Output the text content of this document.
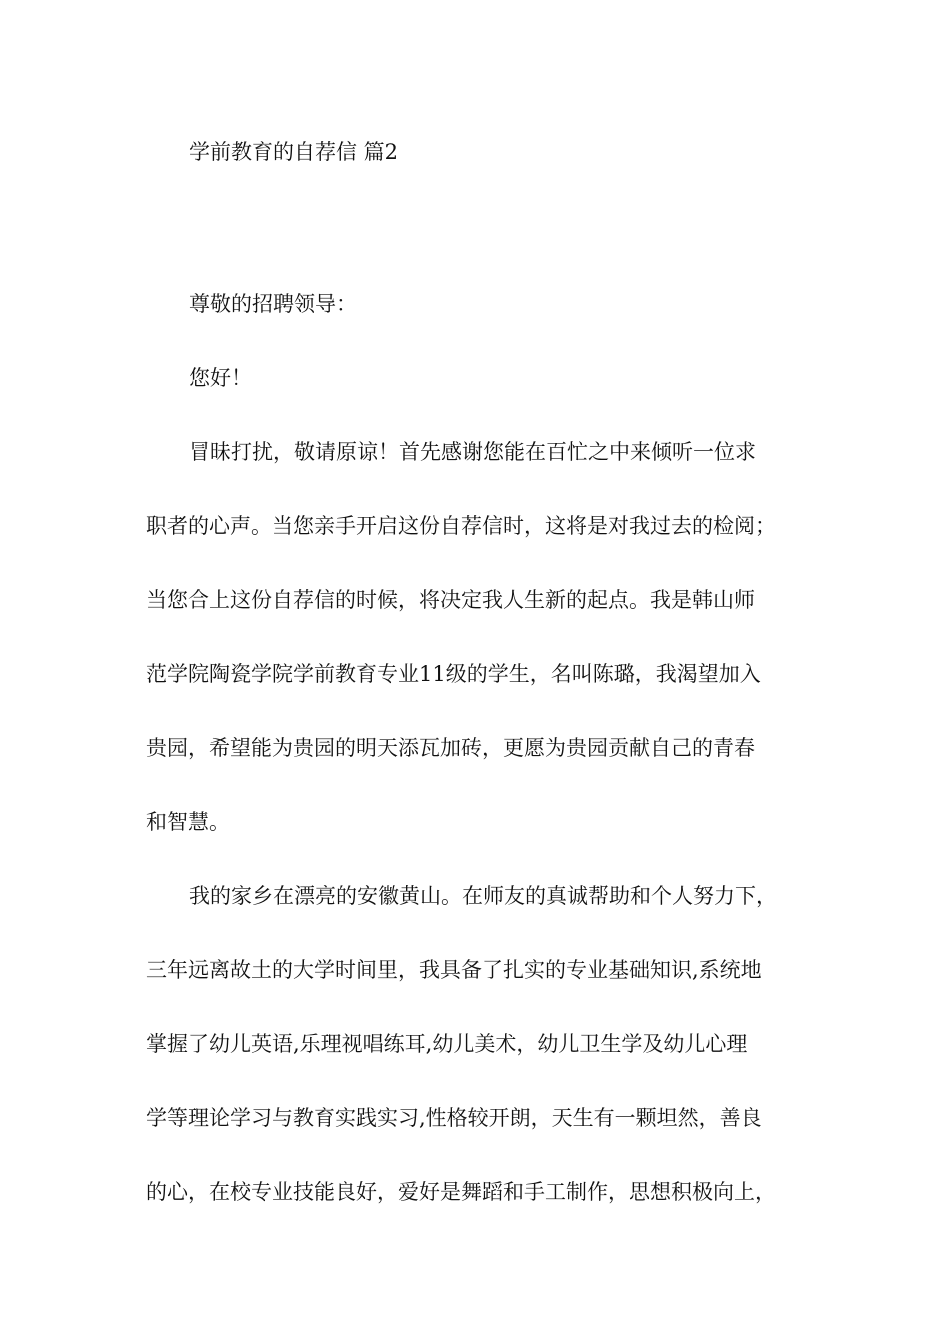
学前教育的自荐信 篇2

尊敬的招聘领导：

您好！

冒昧打扰，敬请原谅！首先感谢您能在百忙之中来倾听一位求

职者的心声。当您亲手开启这份自荐信时，这将是对我过去的检阅；

当您合上这份自荐信的时候，将决定我人生新的起点。我是韩山师

范学院陶瓷学院学前教育专业11级的学生，名叫陈璐，我渴望加入

贵园，希望能为贵园的明天添瓦加砖，更愿为贵园贡献自己的青春

和智慧。

我的家乡在漂亮的安徽黄山。在师友的真诚帮助和个人努力下，

三年远离故土的大学时间里，我具备了扎实的专业基础知识,系统地

掌握了幼儿英语,乐理视唱练耳,幼儿美术，幼儿卫生学及幼儿心理

学等理论学习与教育实践实习,性格较开朗，天生有一颗坦然，善良

的心，在校专业技能良好，爱好是舞蹈和手工制作，思想积极向上，
